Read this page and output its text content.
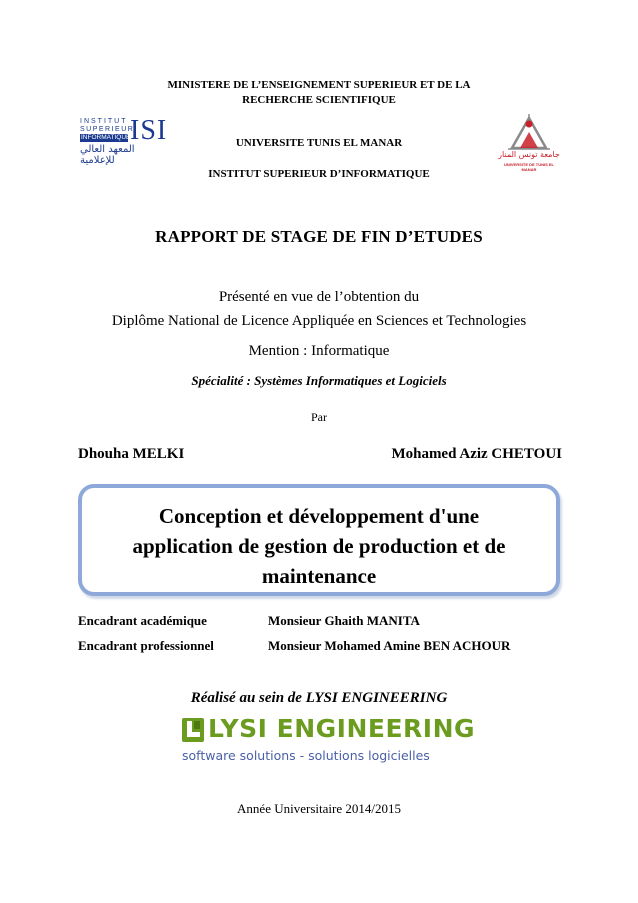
MINISTERE DE L’ENSEIGNEMENT SUPERIEUR ET DE LA
RECHERCHE SCIENTIFIQUE
INSTITUT
SUPERIEUR
INFORMATIQUE ISI
المعهد العالي للإعلامية
UNIVERSITE TUNIS EL MANAR
INSTITUT SUPERIEUR D’INFORMATIQUE
جامعة تونس المنار
UNIVERSITE DE TUNIS EL MANAR
RAPPORT DE STAGE DE FIN D’ETUDES
Présenté en vue de l’obtention du
Diplôme National de Licence Appliquée en Sciences et Technologies
Mention : Informatique
Spécialité : Systèmes Informatiques et Logiciels
Par
Dhouha MELKI	Mohamed Aziz CHETOUI
Conception et développement d'une
application de gestion de production et de
maintenance
Encadrant académique	Monsieur Ghaith MANITA
Encadrant professionnel	Monsieur Mohamed Amine BEN ACHOUR
Réalisé au sein de LYSI ENGINEERING
LYSI ENGINEERING
software solutions - solutions logicielles
Année Universitaire 2014/2015
